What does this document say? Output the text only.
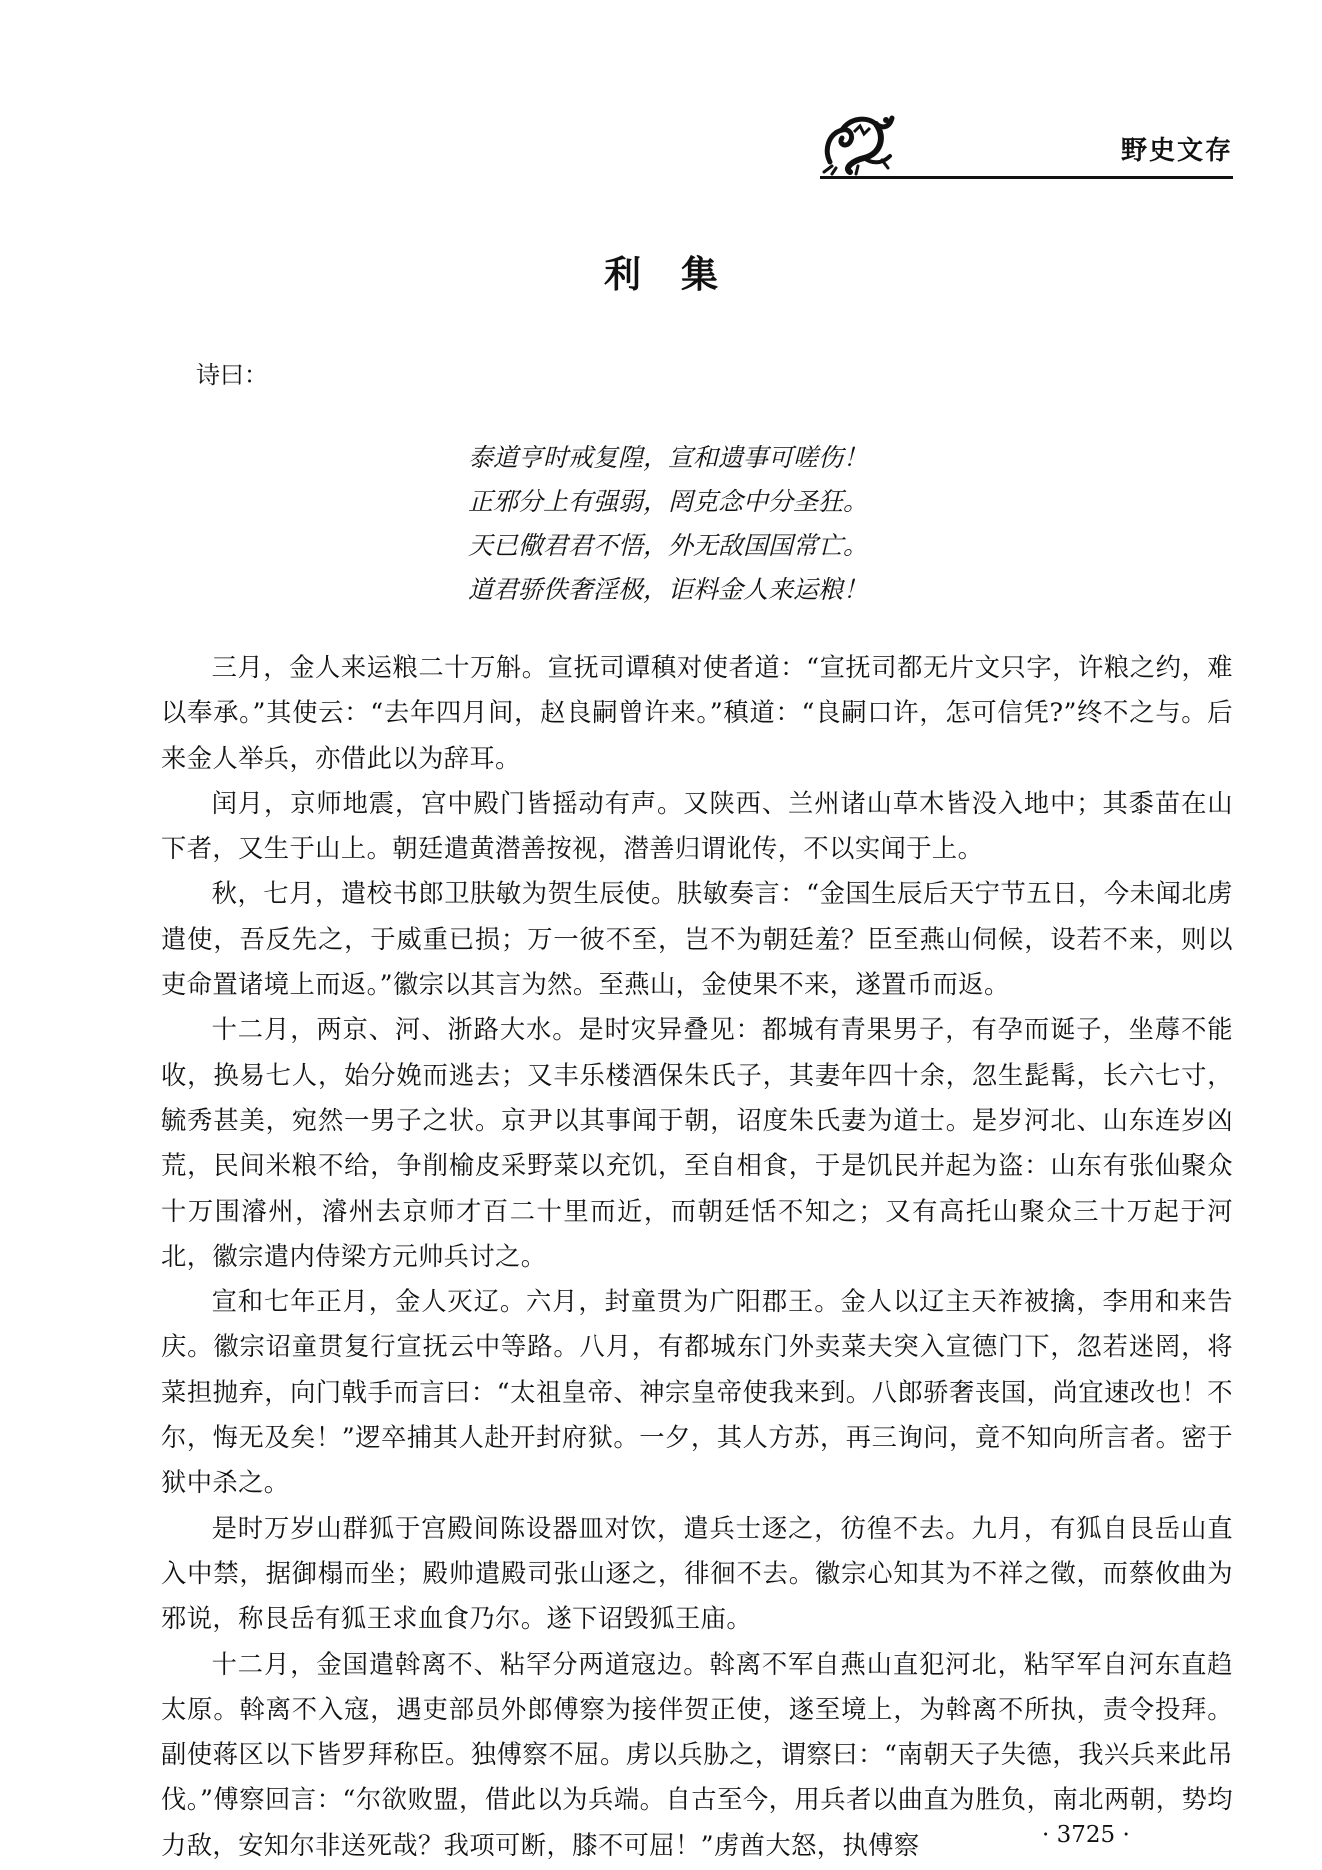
野史文存
利集
诗曰：
泰道亨时戒复隍，宣和遗事可嗟伤！
正邪分上有强弱，罔克念中分圣狂。
天已儆君君不悟，外无敌国国常亡。
道君骄佚奢淫极，讵料金人来运粮！

三月，金人来运粮二十万斛。宣抚司谭稹对使者道：“宣抚司都无片文只字，许粮之约，难以奉承。”其使云：“去年四月间，赵良嗣曾许来。”稹道：“良嗣口许，怎可信凭?”终不之与。后来金人举兵，亦借此以为辞耳。

闰月，京师地震，宫中殿门皆摇动有声。又陕西、兰州诸山草木皆没入地中；其黍苗在山下者，又生于山上。朝廷遣黄潜善按视，潜善归谓讹传，不以实闻于上。

秋，七月，遣校书郎卫肤敏为贺生辰使。肤敏奏言：“金国生辰后天宁节五日，今未闻北虏遣使，吾反先之，于威重已损；万一彼不至，岂不为朝廷羞？臣至燕山伺候，设若不来，则以吏命置诸境上而返。”徽宗以其言为然。至燕山，金使果不来，遂置币而返。

十二月，两京、河、浙路大水。是时灾异叠见：都城有青果男子，有孕而诞子，坐蓐不能收，换易七人，始分娩而逃去；又丰乐楼酒保朱氏子，其妻年四十余，忽生髭髯，长六七寸，毓秀甚美，宛然一男子之状。京尹以其事闻于朝，诏度朱氏妻为道士。是岁河北、山东连岁凶荒，民间米粮不给，争削榆皮采野菜以充饥，至自相食，于是饥民并起为盗：山东有张仙聚众十万围濬州，濬州去京师才百二十里而近，而朝廷恬不知之；又有高托山聚众三十万起于河北，徽宗遣内侍梁方元帅兵讨之。

宣和七年正月，金人灭辽。六月，封童贯为广阳郡王。金人以辽主天祚被擒，李用和来告庆。徽宗诏童贯复行宣抚云中等路。八月，有都城东门外卖菜夫突入宣德门下，忽若迷罔，将菜担抛弃，向门戟手而言曰：“太祖皇帝、神宗皇帝使我来到。八郎骄奢丧国，尚宜速改也！不尔，悔无及矣！”逻卒捕其人赴开封府狱。一夕，其人方苏，再三询问，竟不知向所言者。密于狱中杀之。

是时万岁山群狐于宫殿间陈设器皿对饮，遣兵士逐之，彷徨不去。九月，有狐自艮岳山直入中禁，据御榻而坐；殿帅遣殿司张山逐之，徘徊不去。徽宗心知其为不祥之徵，而蔡攸曲为邪说，称艮岳有狐王求血食乃尔。遂下诏毁狐王庙。

十二月，金国遣斡离不、粘罕分两道寇边。斡离不军自燕山直犯河北，粘罕军自河东直趋太原。斡离不入寇，遇吏部员外郎傅察为接伴贺正使，遂至境上，为斡离不所执，责令投拜。副使蒋区以下皆罗拜称臣。独傅察不屈。虏以兵胁之，谓察曰：“南朝天子失德，我兴兵来此吊伐。”傅察回言：“尔欲败盟，借此以为兵端。自古至今，用兵者以曲直为胜负，南北两朝，势均力敌，安知尔非送死哉？我项可断，膝不可屈！”虏酋大怒，执傅察	· 3725 ·
